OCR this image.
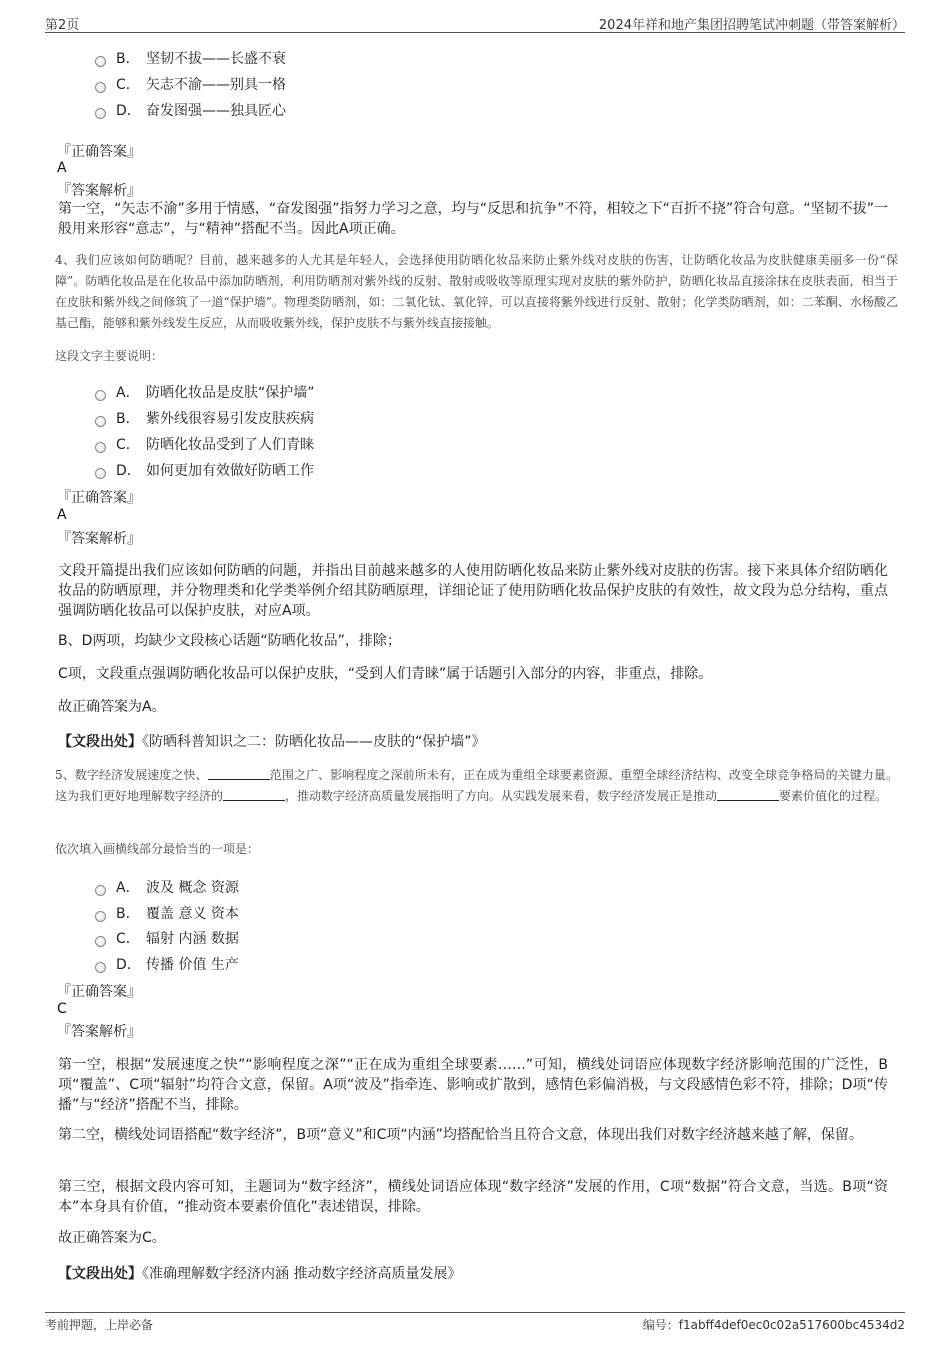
第2页	2024年祥和地产集团招聘笔试冲刺题（带答案解析）
B． 坚韧不拔——长盛不衰
C． 矢志不渝——别具一格
D． 奋发图强——独具匠心
『正确答案』
A
『答案解析』
第一空，“矢志不渝”多用于情感，“奋发图强”指努力学习之意，均与“反思和抗争”不符，相较之下“百折不挠”符合句意。“坚韧不拔”一般用来形容“意志”，与“精神”搭配不当。因此A项正确。
4、我们应该如何防晒呢？目前，越来越多的人尤其是年轻人，会选择使用防晒化妆品来防止紫外线对皮肤的伤害，让防晒化妆品为皮肤健康美丽多一份“保障”。防晒化妆品是在化妆品中添加防晒剂，利用防晒剂对紫外线的反射、散射或吸收等原理实现对皮肤的紫外防护，防晒化妆品直接涂抹在皮肤表面，相当于在皮肤和紫外线之间修筑了一道“保护墙”。物理类防晒剂，如：二氧化钛、氧化锌，可以直接将紫外线进行反射、散射；化学类防晒剂，如：二苯酮、水杨酸乙基己酯，能够和紫外线发生反应，从而吸收紫外线，保护皮肤不与紫外线直接接触。
这段文字主要说明：
A． 防晒化妆品是皮肤“保护墙”
B． 紫外线很容易引发皮肤疾病
C． 防晒化妆品受到了人们青睐
D． 如何更加有效做好防晒工作
『正确答案』
A
『答案解析』
文段开篇提出我们应该如何防晒的问题，并指出目前越来越多的人使用防晒化妆品来防止紫外线对皮肤的伤害。接下来具体介绍防晒化妆品的防晒原理，并分物理类和化学类举例介绍其防晒原理，详细论证了使用防晒化妆品保护皮肤的有效性，故文段为总分结构，重点强调防晒化妆品可以保护皮肤，对应A项。
B、D两项，均缺少文段核心话题“防晒化妆品”，排除；
C项，文段重点强调防晒化妆品可以保护皮肤，“受到人们青睐”属于话题引入部分的内容，非重点，排除。
故正确答案为A。
【文段出处】《防晒科普知识之二：防晒化妆品——皮肤的“保护墙”》
5、数字经济发展速度之快、	范围之广、影响程度之深前所未有，正在成为重组全球要素资源、重塑全球经济结构、改变全球竞争格局的关键力量。这为我们更好地理解数字经济的	，推动数字经济高质量发展指明了方向。从实践发展来看，数字经济发展正是推动	要素价值化的过程。
依次填入画横线部分最恰当的一项是：
A． 波及 概念 资源
B． 覆盖 意义 资本
C． 辐射 内涵 数据
D． 传播 价值 生产
『正确答案』
C
『答案解析』
第一空，根据“发展速度之快”“影响程度之深”“正在成为重组全球要素……”可知，横线处词语应体现数字经济影响范围的广泛性，B项“覆盖”、C项“辐射”均符合文意，保留。A项“波及”指牵连、影响或扩散到，感情色彩偏消极，与文段感情色彩不符，排除；D项“传播”与“经济”搭配不当，排除。
第二空，横线处词语搭配“数字经济”，B项“意义”和C项“内涵”均搭配恰当且符合文意，体现出我们对数字经济越来越了解，保留。
第三空，根据文段内容可知，主题词为“数字经济”，横线处词语应体现“数字经济”发展的作用，C项“数据”符合文意，当选。B项“资本”本身具有价值，“推动资本要素价值化”表述错误，排除。
故正确答案为C。
【文段出处】《准确理解数字经济内涵 推动数字经济高质量发展》
考前押题，上岸必备	编号：f1abff4def0ec0c02a517600bc4534d2
